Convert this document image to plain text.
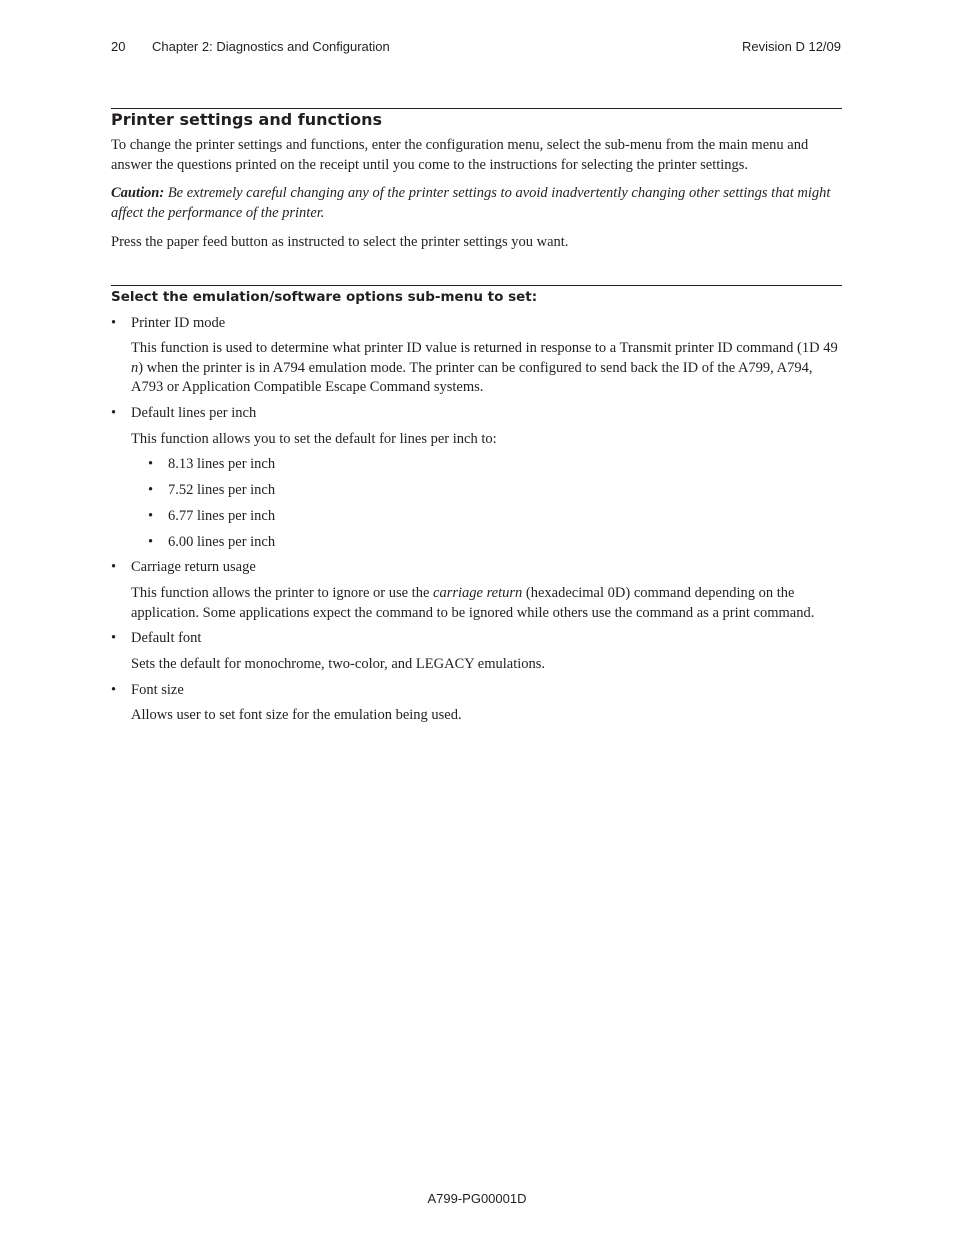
20 Chapter 2: Diagnostics and Configuration	Revision D 12/09
Printer settings and functions
To change the printer settings and functions, enter the configuration menu, select the sub-menu from the main menu and answer the questions printed on the receipt until you come to the instructions for selecting the printer settings.
Caution: Be extremely careful changing any of the printer settings to avoid inadvertently changing other settings that might affect the performance of the printer.
Press the paper feed button as instructed to select the printer settings you want.
Select the emulation/software options sub-menu to set:
• Printer ID mode
This function is used to determine what printer ID value is returned in response to a Transmit printer ID command (1D 49 n) when the printer is in A794 emulation mode. The printer can be configured to send back the ID of the A799, A794, A793 or Application Compatible Escape Command systems.
• Default lines per inch
This function allows you to set the default for lines per inch to:
• 8.13 lines per inch
• 7.52 lines per inch
• 6.77 lines per inch
• 6.00 lines per inch
• Carriage return usage
This function allows the printer to ignore or use the carriage return (hexadecimal 0D) command depending on the application. Some applications expect the command to be ignored while others use the command as a print command.
• Default font
Sets the default for monochrome, two-color, and LEGACY emulations.
• Font size
Allows user to set font size for the emulation being used.
A799-PG00001D
